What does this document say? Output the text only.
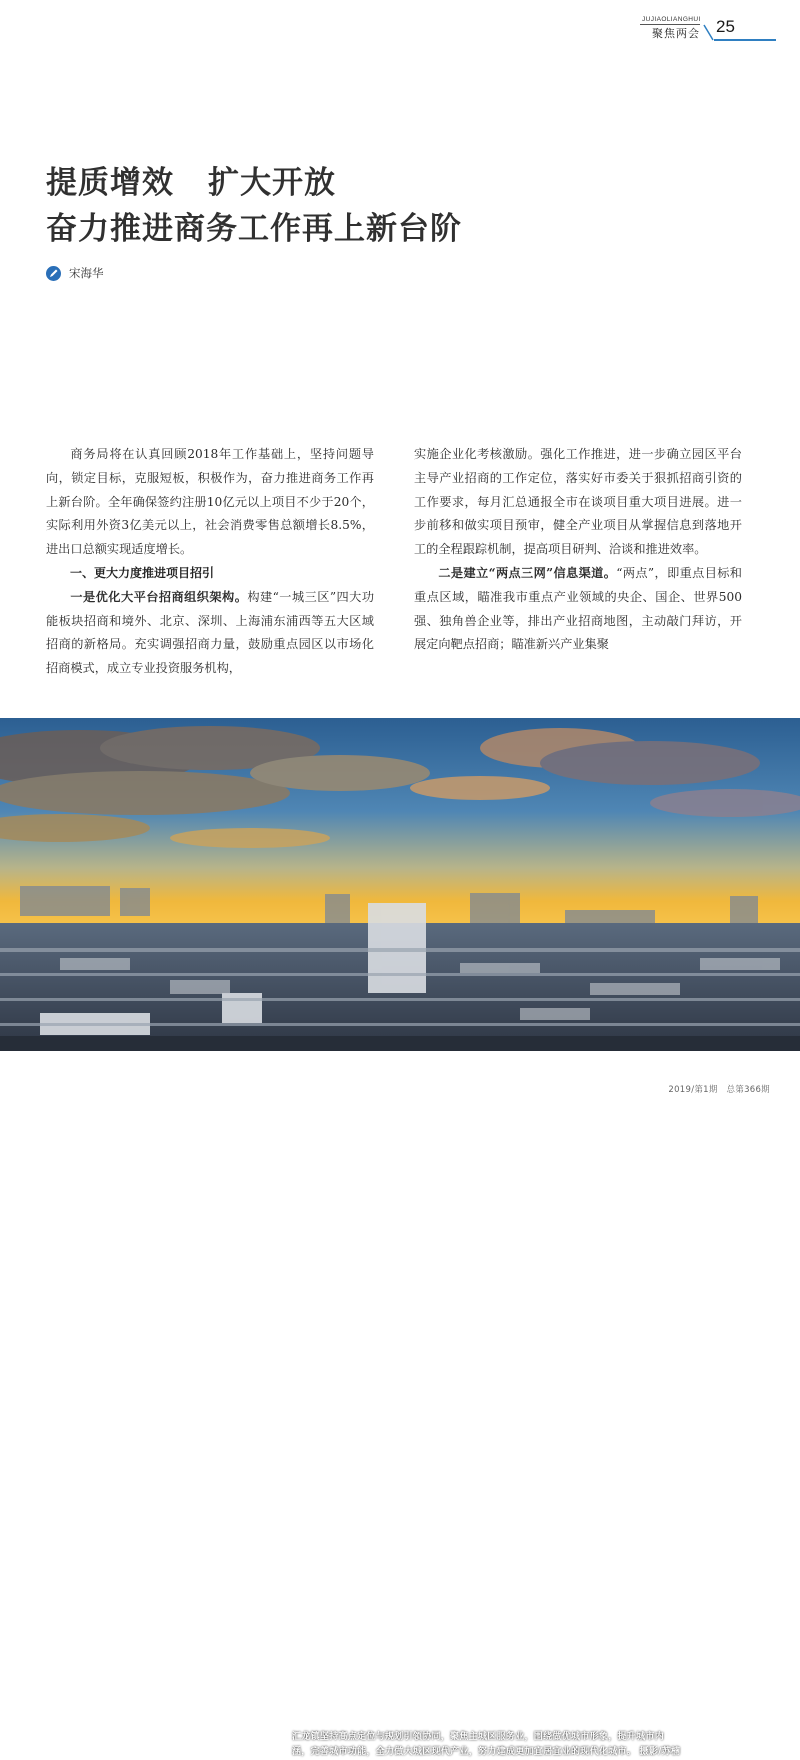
JUJIAOLIANGHUI
聚焦两会 25
提质增效 扩大开放
奋力推进商务工作再上新台阶
宋海华

商务局将在认真回顾2018年工作基础上，坚持问题导向，锁定目标，克服短板，积极作为，奋力推进商务工作再上新台阶。全年确保签约注册10亿元以上项目不少于20个，实际利用外资3亿美元以上，社会消费零售总额增长8.5%，进出口总额实现适度增长。

一、更大力度推进项目招引

一是优化大平台招商组织架构。构建“一城三区”四大功能板块招商和境外、北京、深圳、上海浦东浦西等五大区域招商的新格局。充实调强招商力量，鼓励重点园区以市场化招商模式，成立专业投资服务机构，

实施企业化考核激励。强化工作推进，进一步确立园区平台主导产业招商的工作定位，落实好市委关于狠抓招商引资的工作要求，每月汇总通报全市在谈项目重大项目进展。进一步前移和做实项目预审，健全产业项目从掌握信息到落地开工的全程跟踪机制，提高项目研判、洽谈和推进效率。

二是建立“两点三网”信息渠道。“两点”，即重点目标和重点区域，瞄准我市重点产业领域的央企、国企、世界500强、独角兽企业等，排出产业招商地图，主动敲门拜访，开展定向靶点招商；瞄准新兴产业集聚

汇龙镇坚持高点定位与规划引领协同，聚焦主城区服务业，围绕做优城市形象，提升城市内
涵，完善城市功能，全力做大城区现代产业，努力建成更加宜居宜业的现代化城市。 摄影/苏楠
2019/第1期　总第366期
